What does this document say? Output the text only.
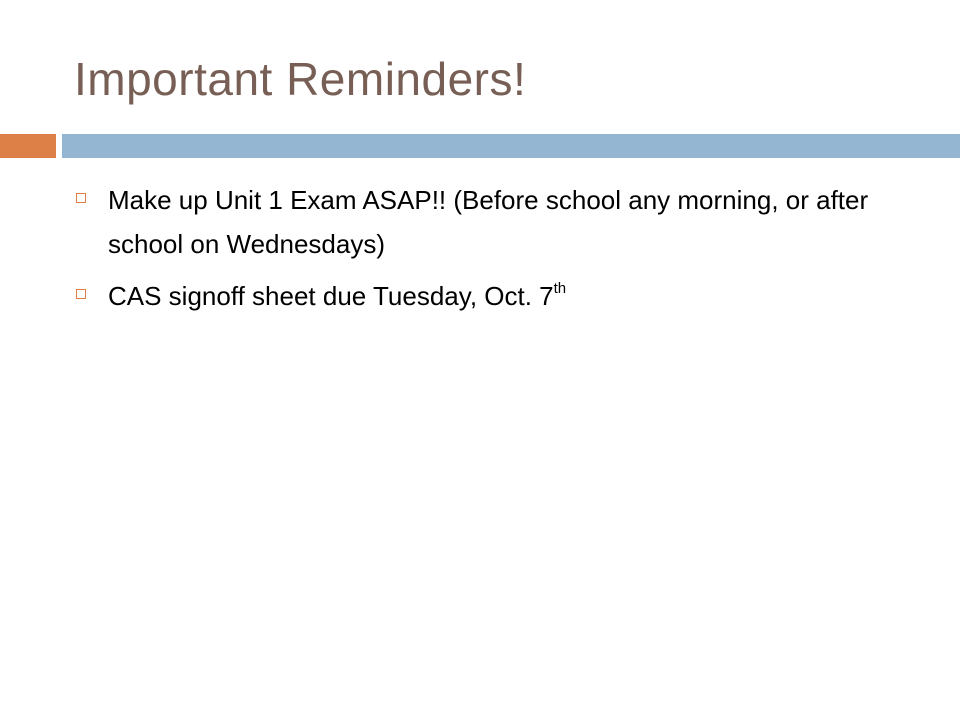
Important Reminders!
Make up Unit 1 Exam ASAP!! (Before school any morning, or after school on Wednesdays)
CAS signoff sheet due Tuesday, Oct. 7th
